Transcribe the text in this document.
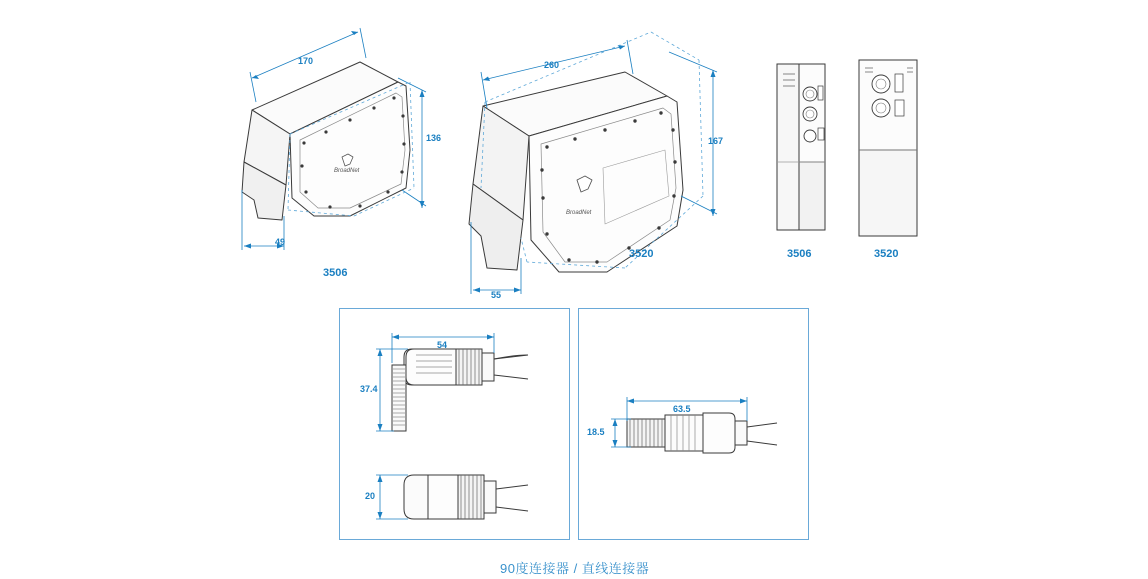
BroadNet
170
136
49
3506
BroadNet
260
167
55
3520	3506	3520
54
37.4
20
63.5
18.5
90度连接器 / 直线连接器
